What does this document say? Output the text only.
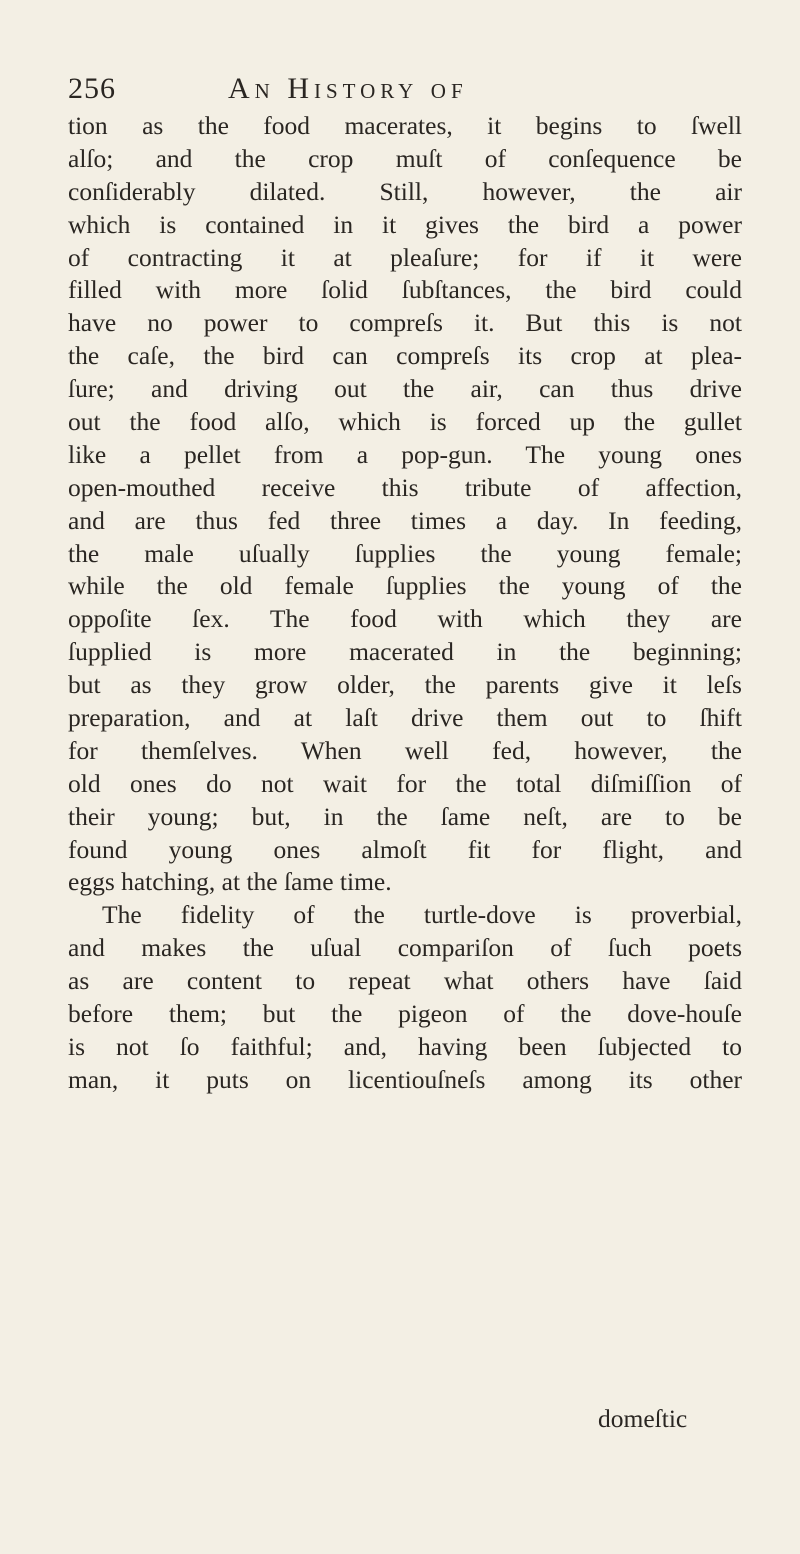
256	An History of
tion as the food macerates, it begins to ſwell
alſo; and the crop muſt of conſequence be
conſiderably dilated. Still, however, the air
which is contained in it gives the bird a power
of contracting it at pleaſure; for if it were
filled with more ſolid ſubſtances, the bird could
have no power to compreſs it. But this is not
the caſe, the bird can compreſs its crop at plea-
ſure; and driving out the air, can thus drive
out the food alſo, which is forced up the gullet
like a pellet from a pop-gun. The young ones
open-mouthed receive this tribute of affection,
and are thus fed three times a day. In feeding,
the male uſually ſupplies the young female;
while the old female ſupplies the young of the
oppoſite ſex. The food with which they are
ſupplied is more macerated in the beginning;
but as they grow older, the parents give it leſs
preparation, and at laſt drive them out to ſhift
for themſelves. When well fed, however, the
old ones do not wait for the total diſmiſſion of
their young; but, in the ſame neſt, are to be
found young ones almoſt fit for flight, and
eggs hatching, at the ſame time.
The fidelity of the turtle-dove is proverbial,
and makes the uſual compariſon of ſuch poets
as are content to repeat what others have ſaid
before them; but the pigeon of the dove-houſe
is not ſo faithful; and, having been ſubjected to
man, it puts on licentiouſneſs among its other
domeſtic
